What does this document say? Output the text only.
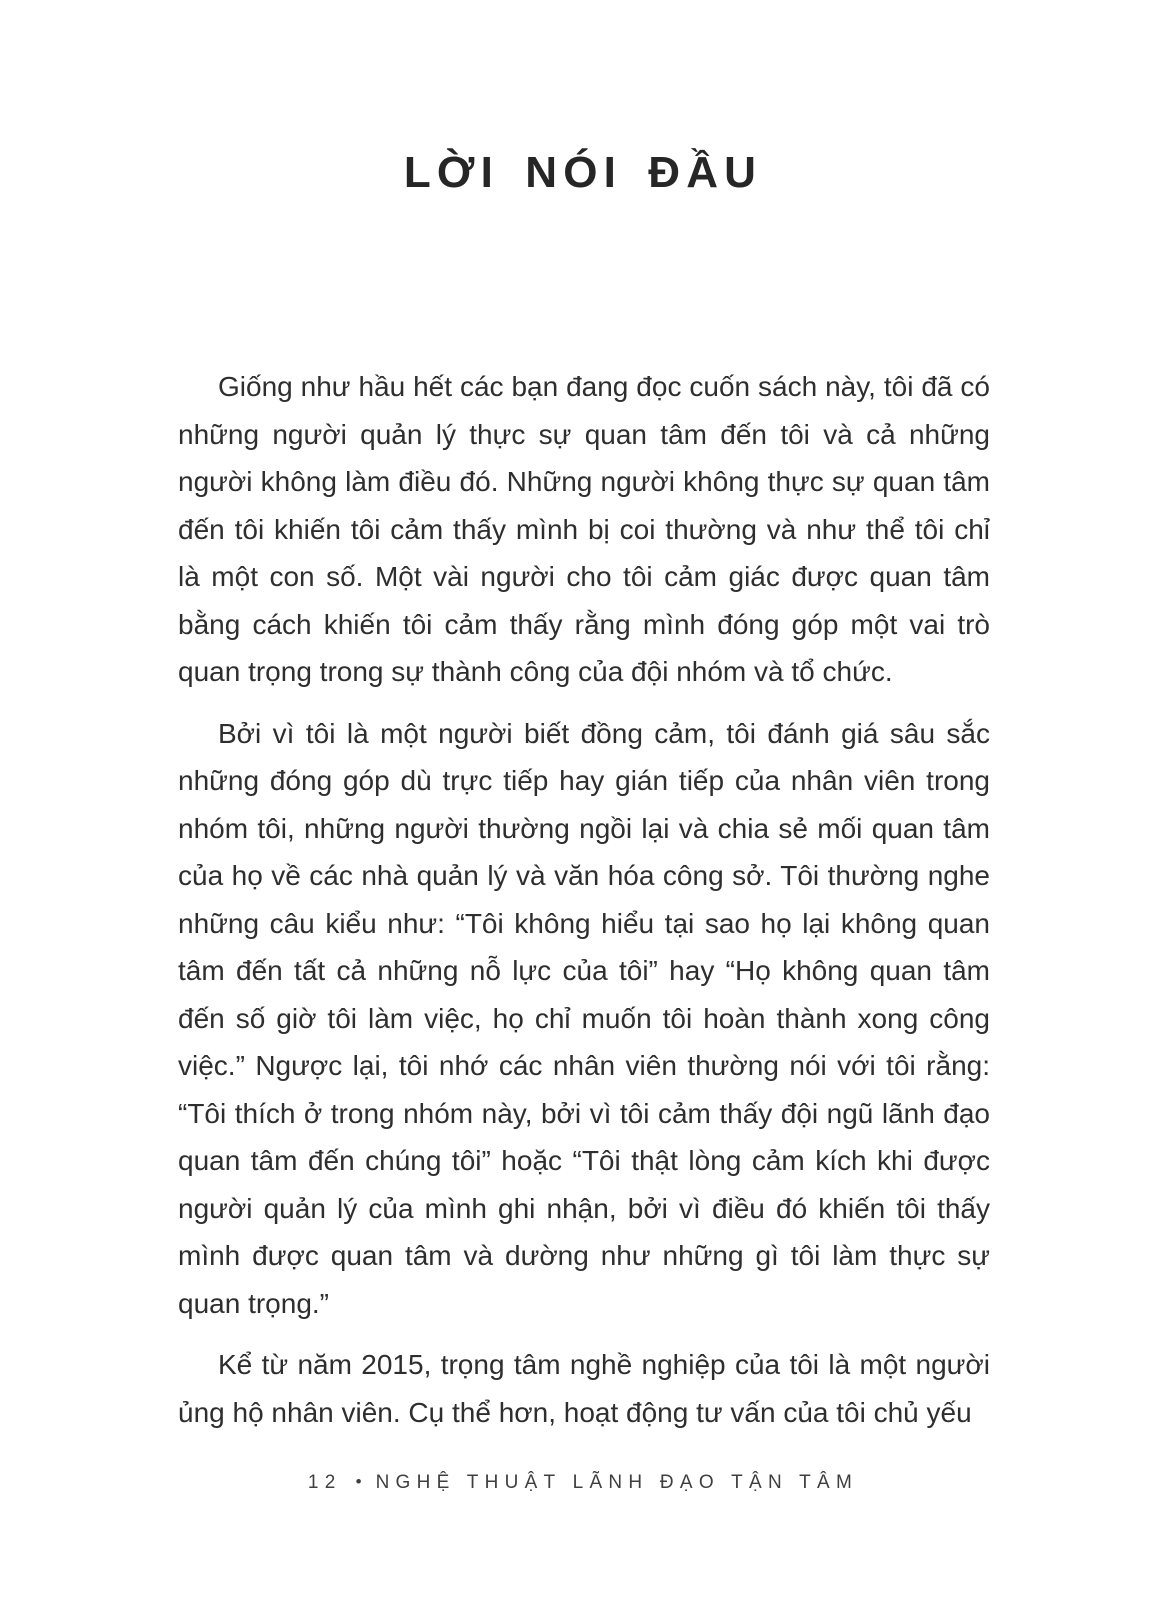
LỜI NÓI ĐẦU

Giống như hầu hết các bạn đang đọc cuốn sách này, tôi đã có những người quản lý thực sự quan tâm đến tôi và cả những người không làm điều đó. Những người không thực sự quan tâm đến tôi khiến tôi cảm thấy mình bị coi thường và như thể tôi chỉ là một con số. Một vài người cho tôi cảm giác được quan tâm bằng cách khiến tôi cảm thấy rằng mình đóng góp một vai trò quan trọng trong sự thành công của đội nhóm và tổ chức.

Bởi vì tôi là một người biết đồng cảm, tôi đánh giá sâu sắc những đóng góp dù trực tiếp hay gián tiếp của nhân viên trong nhóm tôi, những người thường ngồi lại và chia sẻ mối quan tâm của họ về các nhà quản lý và văn hóa công sở. Tôi thường nghe những câu kiểu như: “Tôi không hiểu tại sao họ lại không quan tâm đến tất cả những nỗ lực của tôi” hay “Họ không quan tâm đến số giờ tôi làm việc, họ chỉ muốn tôi hoàn thành xong công việc.” Ngược lại, tôi nhớ các nhân viên thường nói với tôi rằng: “Tôi thích ở trong nhóm này, bởi vì tôi cảm thấy đội ngũ lãnh đạo quan tâm đến chúng tôi” hoặc “Tôi thật lòng cảm kích khi được người quản lý của mình ghi nhận, bởi vì điều đó khiến tôi thấy mình được quan tâm và dường như những gì tôi làm thực sự quan trọng.”

Kể từ năm 2015, trọng tâm nghề nghiệp của tôi là một người ủng hộ nhân viên. Cụ thể hơn, hoạt động tư vấn của tôi chủ yếu

12 • NGHỆ THUẬT LÃNH ĐẠO TẬN TÂM
